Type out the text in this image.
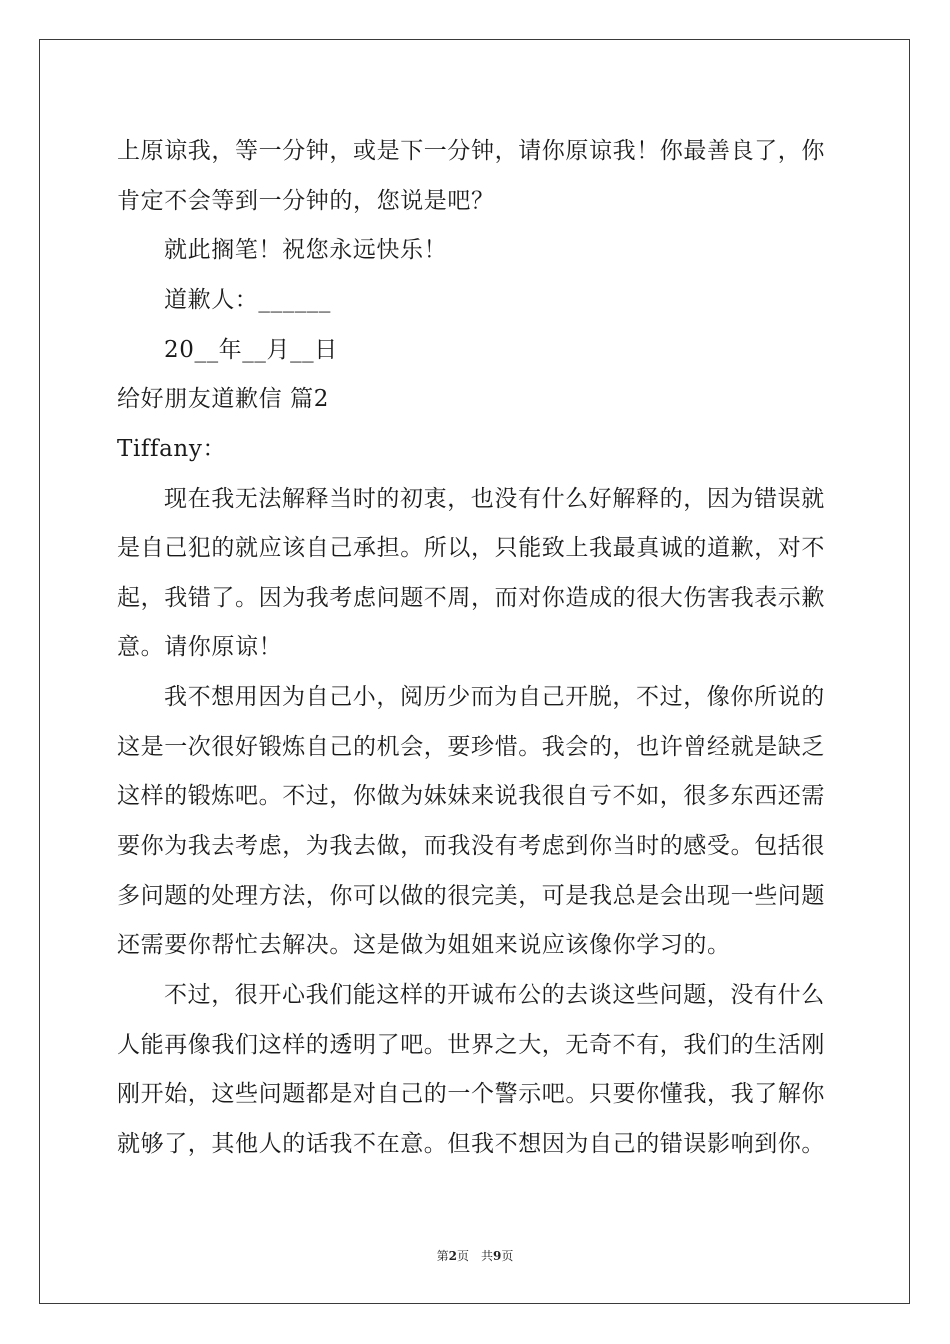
上原谅我，等一分钟，或是下一分钟，请你原谅我！你最善良了，你

肯定不会等到一分钟的，您说是吧？

就此搁笔！祝您永远快乐！

道歉人：______

20__年__月__日

给好朋友道歉信 篇2

Tiffany：

现在我无法解释当时的初衷，也没有什么好解释的，因为错误就

是自己犯的就应该自己承担。所以，只能致上我最真诚的道歉，对不

起，我错了。因为我考虑问题不周，而对你造成的很大伤害我表示歉

意。请你原谅！

我不想用因为自己小，阅历少而为自己开脱，不过，像你所说的

这是一次很好锻炼自己的机会，要珍惜。我会的，也许曾经就是缺乏

这样的锻炼吧。不过，你做为妹妹来说我很自亏不如，很多东西还需

要你为我去考虑，为我去做，而我没有考虑到你当时的感受。包括很

多问题的处理方法，你可以做的很完美，可是我总是会出现一些问题

还需要你帮忙去解决。这是做为姐姐来说应该像你学习的。

不过，很开心我们能这样的开诚布公的去谈这些问题，没有什么

人能再像我们这样的透明了吧。世界之大，无奇不有，我们的生活刚

刚开始，这些问题都是对自己的一个警示吧。只要你懂我，我了解你

就够了，其他人的话我不在意。但我不想因为自己的错误影响到你。

第2页　共9页
